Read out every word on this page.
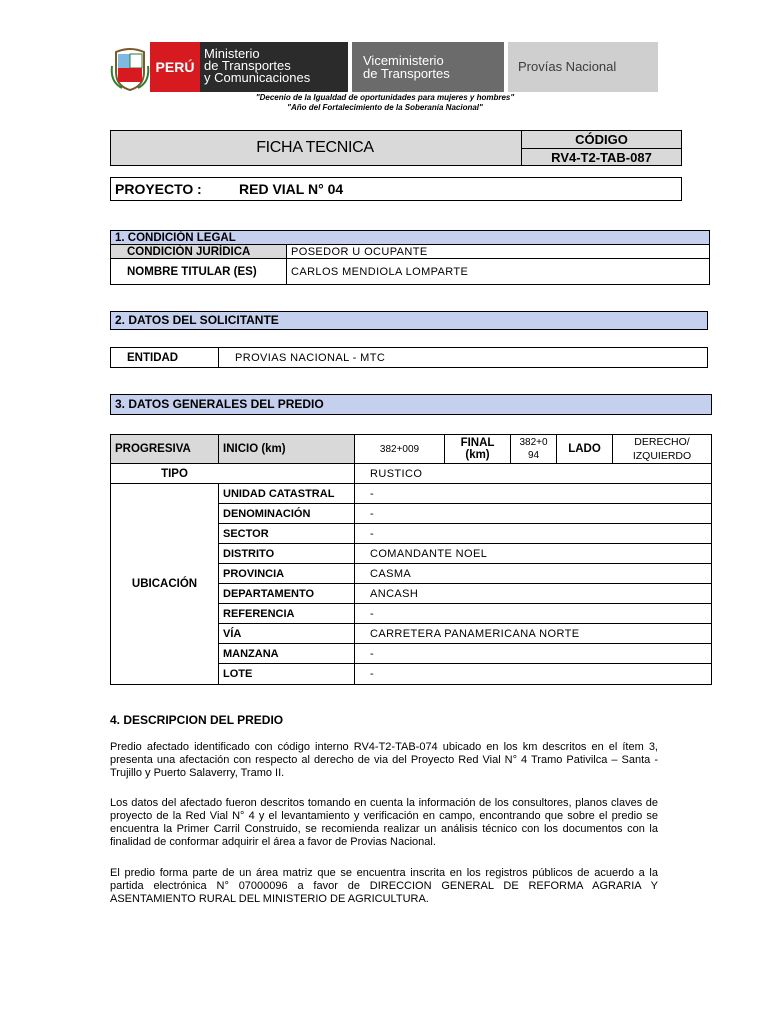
PERÚ
Ministerio
de Transportes
y Comunicaciones
Viceministerio
de Transportes	Provías Nacional
"Decenio de la Igualdad de oportunidades para mujeres y hombres"
"Año del Fortalecimiento de la Soberanía Nacional"
FICHA TECNICA	CÓDIGO
RV4-T2-TAB-087
PROYECTO :	RED VIAL N° 04
1. CONDICIÓN LEGAL	
CONDICIÓN JURÍDICA	POSEDOR U OCUPANTE
NOMBRE TITULAR (ES)	CARLOS MENDIOLA LOMPARTE
2. DATOS DEL SOLICITANTE
ENTIDAD	PROVIAS NACIONAL - MTC
3. DATOS GENERALES DEL PREDIO
PROGRESIVA	INICIO (km)	382+009	FINAL (km)	382+094	LADO	DERECHO/ IZQUIERDO
TIPO		RUSTICO				
UBICACIÓN	UNIDAD CATASTRAL	-				
	DENOMINACIÓN	-				
	SECTOR	-				
	DISTRITO	COMANDANTE NOEL				
	PROVINCIA	CASMA				
	DEPARTAMENTO	ANCASH				
	REFERENCIA	-				
	VÍA	CARRETERA PANAMERICANA NORTE				
	MANZANA	-				
	LOTE	-				
4. DESCRIPCION DEL PREDIO
Predio afectado identificado con código interno RV4-T2-TAB-074 ubicado en los km descritos en el ítem 3, presenta una afectación con respecto al derecho de via del Proyecto Red Vial N° 4 Tramo Pativilca – Santa - Trujillo y Puerto Salaverry, Tramo II.
Los datos del afectado fueron descritos tomando en cuenta la información de los consultores, planos claves de proyecto de la Red Vial N° 4 y el levantamiento y verificación en campo, encontrando que sobre el predio se encuentra la Primer Carril Construido, se recomienda realizar un análisis técnico con los documentos con la finalidad de conformar adquirir el área a favor de Provias Nacional.
El predio forma parte de un área matriz que se encuentra inscrita en los registros públicos de acuerdo a la partida electrónica N° 07000096 a favor de DIRECCION GENERAL DE REFORMA AGRARIA Y ASENTAMIENTO RURAL DEL MINISTERIO DE AGRICULTURA.
